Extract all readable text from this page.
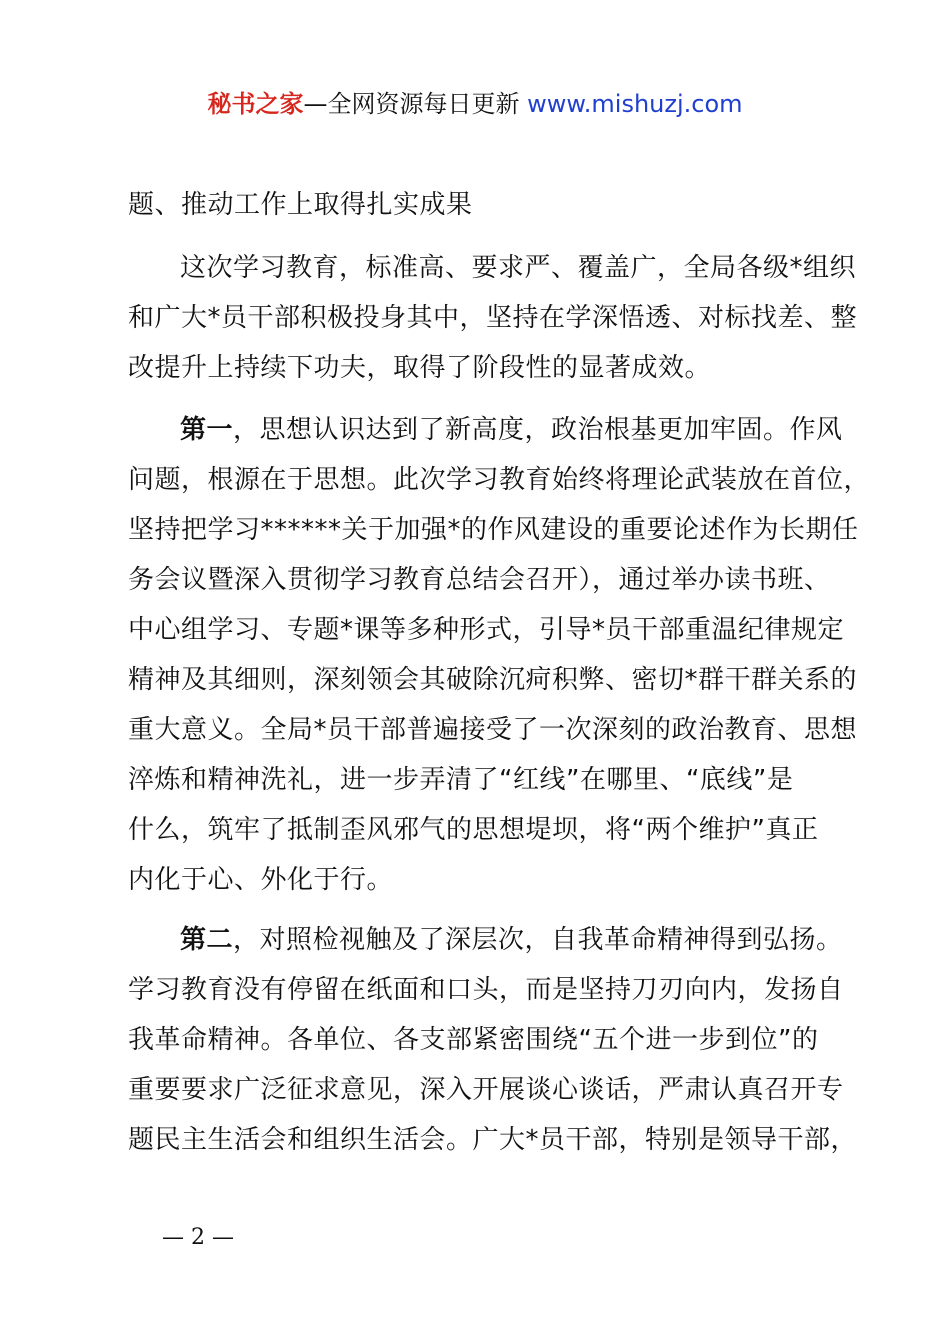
秘书之家—全网资源每日更新 www.mishuzj.com
题、推动工作上取得扎实成果
这次学习教育，标准高、要求严、覆盖广，全局各级*组织
和广大*员干部积极投身其中，坚持在学深悟透、对标找差、整
改提升上持续下功夫，取得了阶段性的显著成效。
第一，思想认识达到了新高度，政治根基更加牢固。作风
问题，根源在于思想。此次学习教育始终将理论武装放在首位，
坚持把学习******关于加强*的作风建设的重要论述作为长期任
务会议暨深入贯彻学习教育总结会召开），通过举办读书班、
中心组学习、专题*课等多种形式，引导*员干部重温纪律规定
精神及其细则，深刻领会其破除沉疴积弊、密切*群干群关系的
重大意义。全局*员干部普遍接受了一次深刻的政治教育、思想
淬炼和精神洗礼，进一步弄清了“红线”在哪里、“底线”是
什么，筑牢了抵制歪风邪气的思想堤坝，将“两个维护”真正
内化于心、外化于行。
第二，对照检视触及了深层次，自我革命精神得到弘扬。
学习教育没有停留在纸面和口头，而是坚持刀刃向内，发扬自
我革命精神。各单位、各支部紧密围绕“五个进一步到位”的
重要要求广泛征求意见，深入开展谈心谈话，严肃认真召开专
题民主生活会和组织生活会。广大*员干部，特别是领导干部，
— 2 —
